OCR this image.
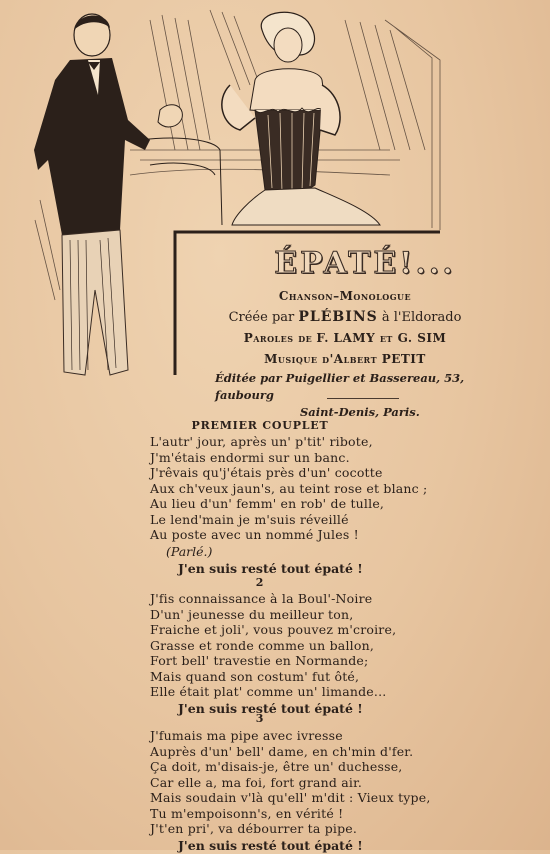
ÉPATÉ!...

Chanson–Monologue

Créée par PLÉBINS à l'Eldorado

Paroles de F. LAMY et G. SIM

Musique d'Albert PETIT

Éditée par Puigellier et Bassereau, 53, faubourg

Saint-Denis, Paris.

PREMIER COUPLET
L'autr' jour, après un' p'tit' ribote,
J'm'étais endormi sur un banc.
J'rêvais qu'j'étais près d'un' cocotte
Aux ch'veux jaun's, au teint rose et blanc ;
Au lieu d'un' femm' en rob' de tulle,
Le lend'main je m'suis réveillé
Au poste avec un nommé Jules !
(Parlé.)
J'en suis resté tout épaté !
2
J'fis connaissance à la Boul'-Noire
D'un' jeunesse du meilleur ton,
Fraiche et joli', vous pouvez m'croire,
Grasse et ronde comme un ballon,
Fort bell' travestie en Normande;
Mais quand son costum' fut ôté,
Elle était plat' comme un' limande...
J'en suis resté tout épaté !
3
J'fumais ma pipe avec ivresse
Auprès d'un' bell' dame, en ch'min d'fer.
Ça doit, m'disais-je, être un' duchesse,
Car elle a, ma foi, fort grand air.
Mais soudain v'là qu'ell' m'dit : Vieux type,
Tu m'empoisonn's, en vérité !
J't'en pri', va débourrer ta pipe.
J'en suis resté tout épaté !
